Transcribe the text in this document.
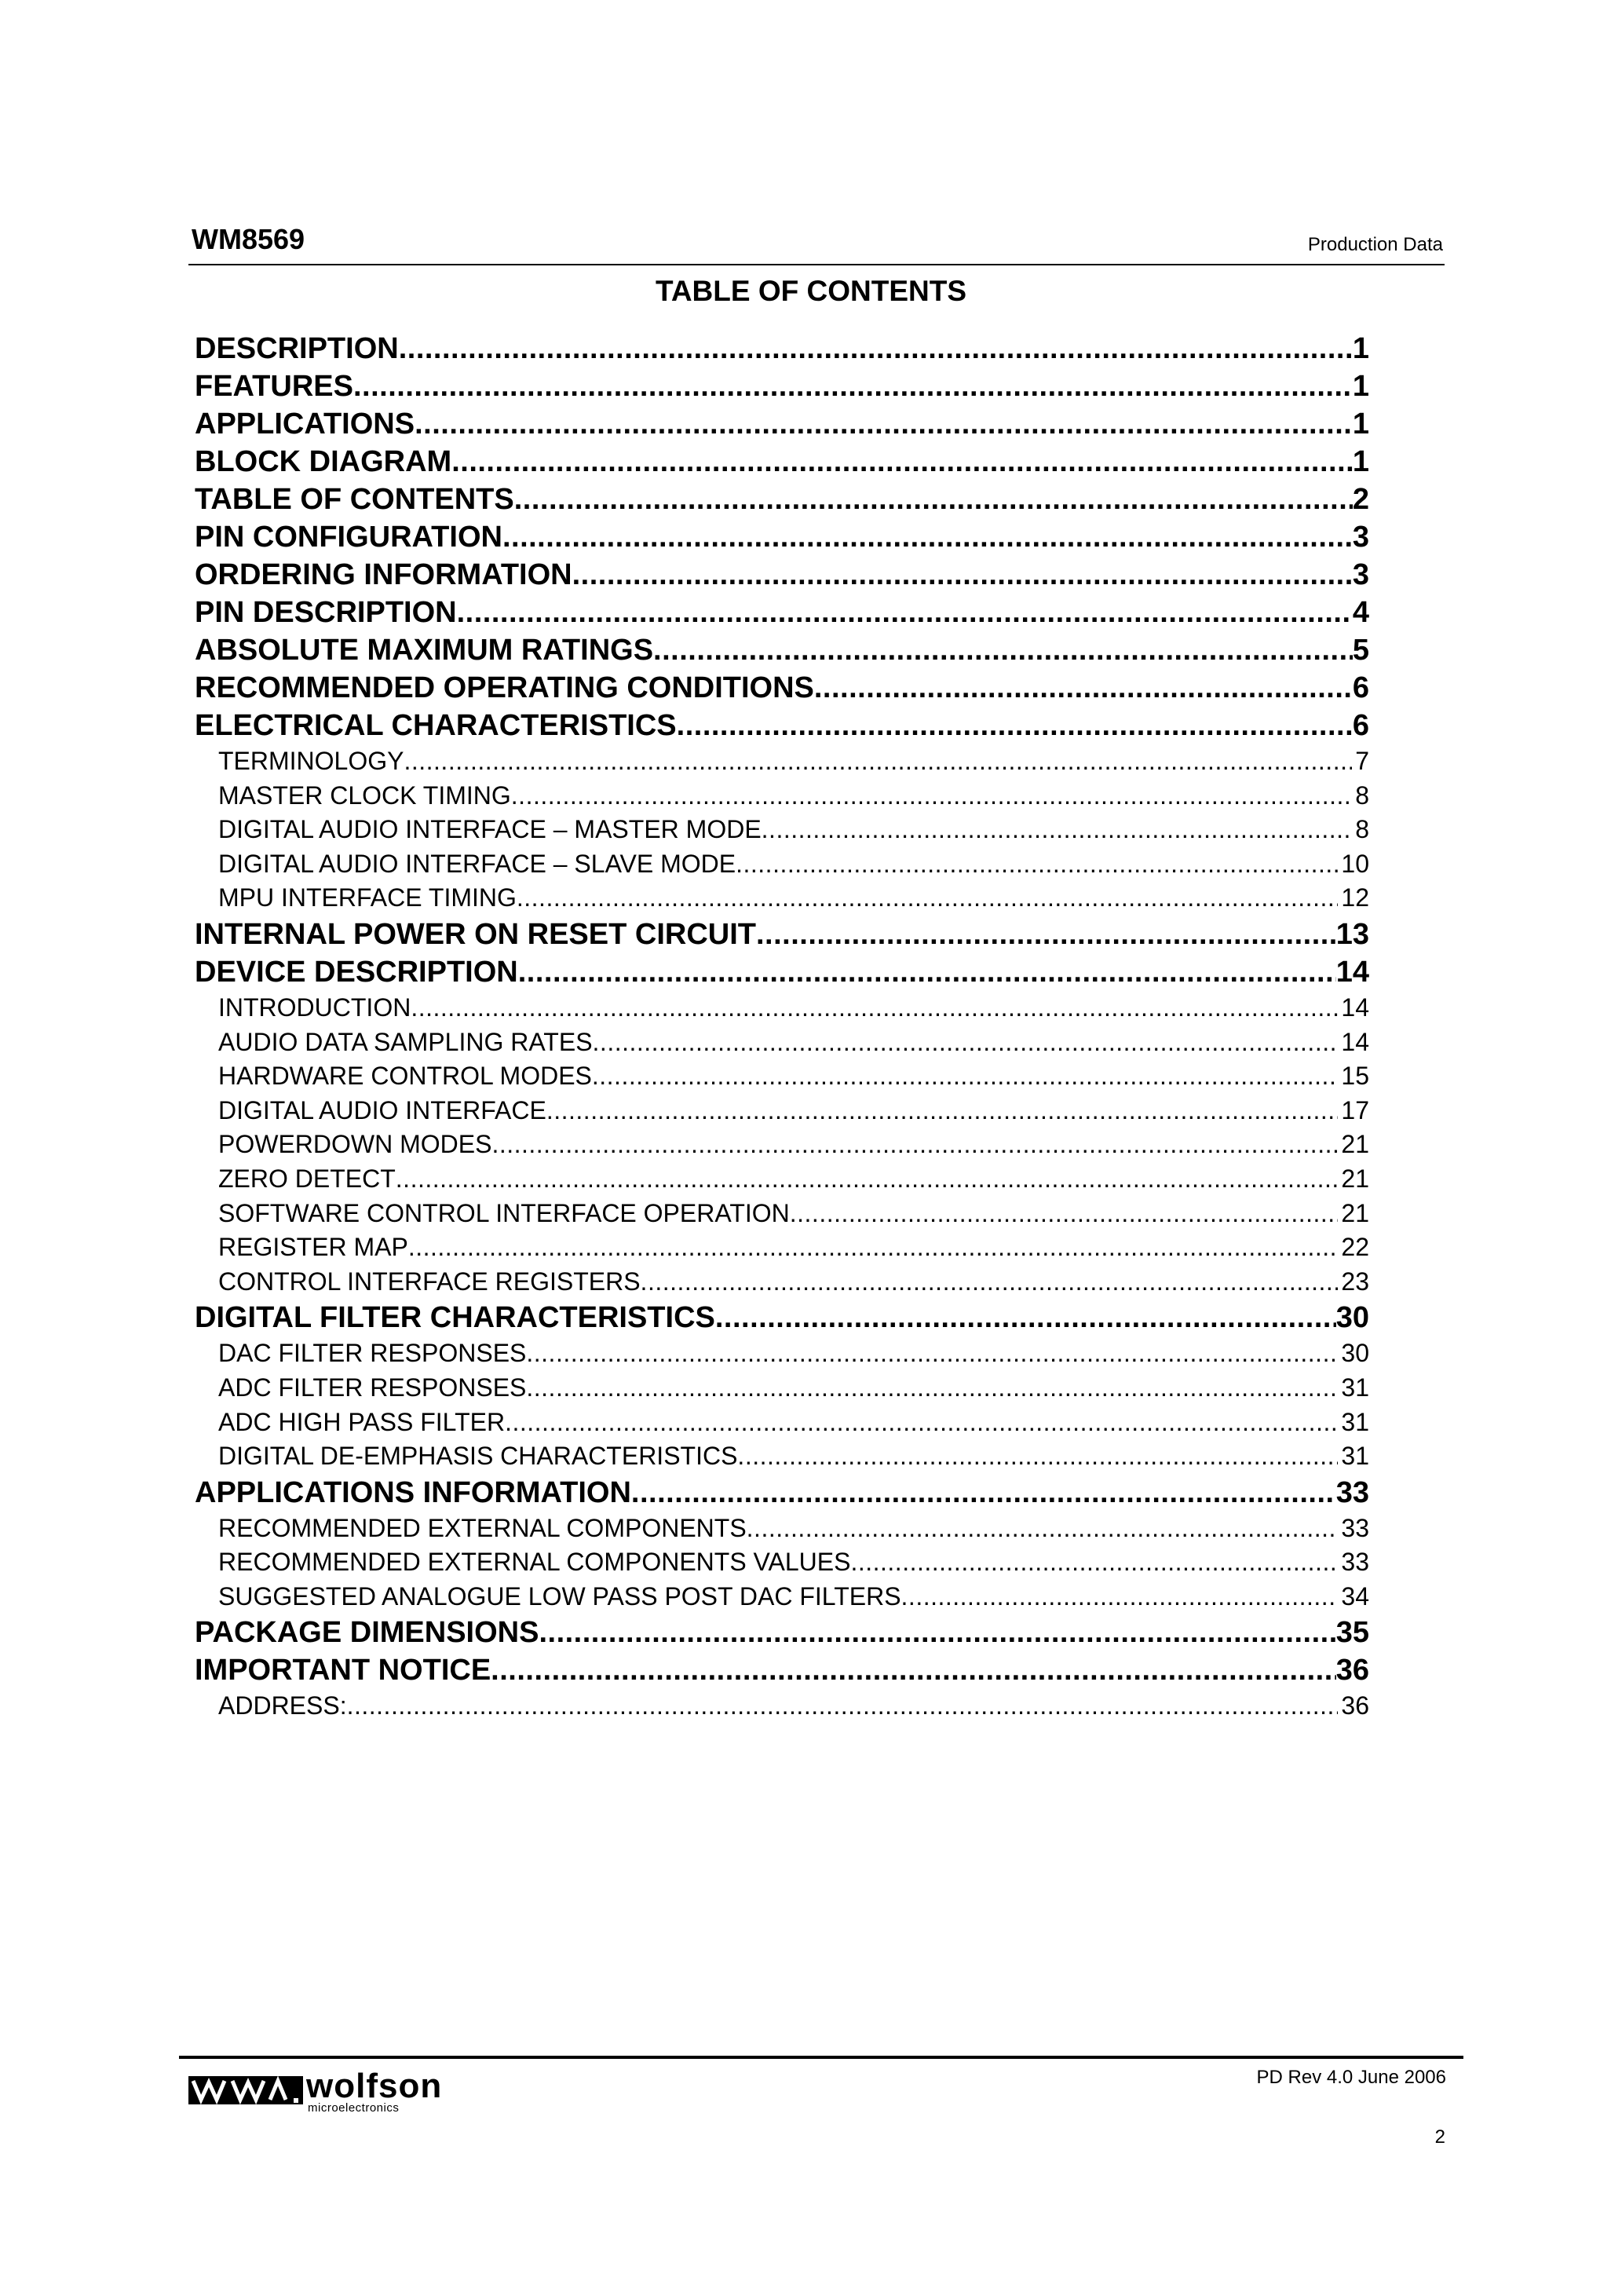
WM8569	Production Data
TABLE OF CONTENTS
DESCRIPTION .....	1
FEATURES .....	1
APPLICATIONS .....	1
BLOCK DIAGRAM .....	1
TABLE OF CONTENTS .....	2
PIN CONFIGURATION .....	3
ORDERING INFORMATION .....	3
PIN DESCRIPTION .....	4
ABSOLUTE MAXIMUM RATINGS .....	5
RECOMMENDED OPERATING CONDITIONS .....	6
ELECTRICAL CHARACTERISTICS .....	6
TERMINOLOGY .....	7
MASTER CLOCK TIMING .....	8
DIGITAL AUDIO INTERFACE – MASTER MODE .....	8
DIGITAL AUDIO INTERFACE – SLAVE MODE .....	10
MPU INTERFACE TIMING .....	12
INTERNAL POWER ON RESET CIRCUIT .....	13
DEVICE DESCRIPTION .....	14
INTRODUCTION .....	14
AUDIO DATA SAMPLING RATES .....	14
HARDWARE CONTROL MODES .....	15
DIGITAL AUDIO INTERFACE .....	17
POWERDOWN MODES .....	21
ZERO DETECT .....	21
SOFTWARE CONTROL INTERFACE OPERATION .....	21
REGISTER MAP .....	22
CONTROL INTERFACE REGISTERS .....	23
DIGITAL FILTER CHARACTERISTICS .....	30
DAC FILTER RESPONSES .....	30
ADC FILTER RESPONSES .....	31
ADC HIGH PASS FILTER .....	31
DIGITAL DE-EMPHASIS CHARACTERISTICS .....	31
APPLICATIONS INFORMATION .....	33
RECOMMENDED EXTERNAL COMPONENTS .....	33
RECOMMENDED EXTERNAL COMPONENTS VALUES .....	33
SUGGESTED ANALOGUE LOW PASS POST DAC FILTERS .....	34
PACKAGE DIMENSIONS .....	35
IMPORTANT NOTICE .....	36
ADDRESS: .....	36
wolfson
microelectronics
PD Rev 4.0 June 2006
2
